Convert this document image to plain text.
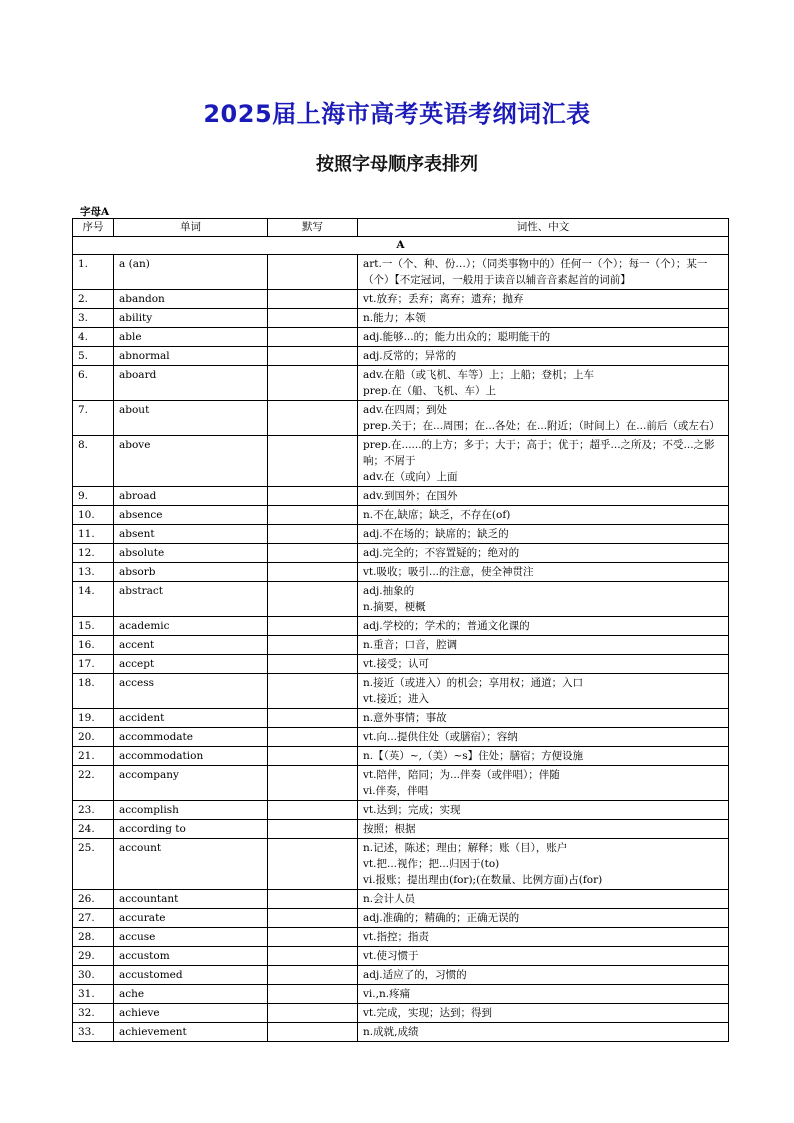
2025届上海市高考英语考纲词汇表
按照字母顺序表排列
字母A
序号	单词	默写	词性、中文
A			
1.	a (an)		art.一（个、种、份…）；（同类事物中的）任何一（个）；每一（个）；某一（个）【不定冠词，一般用于读音以辅音音素起首的词前】
2.	abandon		vt.放弃；丢弃；离弃；遗弃；抛弃
3.	ability		n.能力；本领
4.	able		adj.能够...的；能力出众的；聪明能干的
5.	abnormal		adj.反常的；异常的
6.	aboard		adv.在船（或飞机、车等）上；上船；登机；上车
prep.在（船、飞机、车）上
7.	about		adv.在四周；到处
prep.关于；在...周围；在...各处；在...附近；（时间上）在...前后（或左右）
8.	above		prep.在......的上方；多于；大于；高于；优于；超乎...之所及；不受...之影响；不屑于
adv.在（或向）上面
9.	abroad		adv.到国外；在国外
10.	absence		n.不在,缺席；缺乏，不存在(of)
11.	absent		adj.不在场的；缺席的；缺乏的
12.	absolute		adj.完全的；不容置疑的；绝对的
13.	absorb		vt.吸收；吸引...的注意，使全神贯注
14.	abstract		adj.抽象的
n.摘要，梗概
15.	academic		adj.学校的；学术的；普通文化课的
16.	accent		n.重音；口音，腔调
17.	accept		vt.接受；认可
18.	access		n.接近（或进入）的机会；享用权；通道；入口
vt.接近；进入
19.	accident		n.意外事情；事故
20.	accommodate		vt.向...提供住处（或膳宿）；容纳
21.	accommodation		n.【（英）~,（美）~s】住处；膳宿；方便设施
22.	accompany		vt.陪伴，陪同；为...伴奏（或伴唱）；伴随
vi.伴奏，伴唱
23.	accomplish		vt.达到；完成；实现
24.	according to		按照；根据
25.	account		n.记述，陈述；理由；解释；账（目），账户
vt.把...视作；把...归因于(to)
vi.报账；提出理由(for);(在数量、比例方面)占(for)
26.	accountant		n.会计人员
27.	accurate		adj.准确的；精确的；正确无误的
28.	accuse		vt.指控；指责
29.	accustom		vt.使习惯于
30.	accustomed		adj.适应了的，习惯的
31.	ache		vi.,n.疼痛
32.	achieve		vt.完成，实现；达到；得到
33.	achievement		n.成就,成绩
